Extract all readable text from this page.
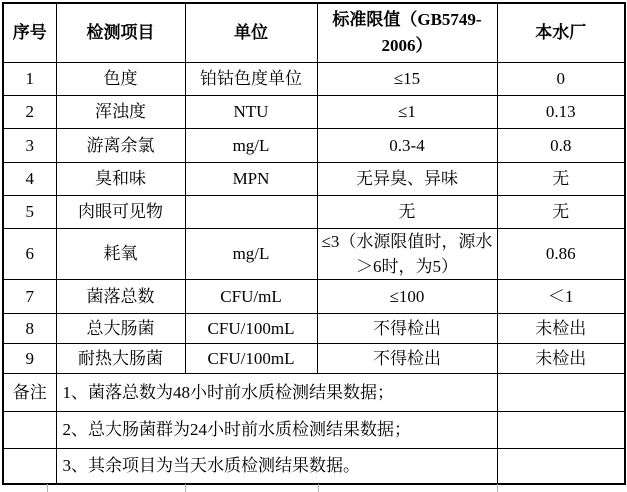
序号	检测项目	单位	标准限值（GB5749-2006）	本水厂
1	色度	铂钴色度单位	≤15	0
2	浑浊度	NTU	≤1	0.13
3	游离余氯	mg/L	0.3-4	0.8
4	臭和味	MPN	无异臭、异味	无
5	肉眼可见物		无	无
6	耗氧	mg/L	≤3（水源限值时，源水＞6时，为5）	0.86
7	菌落总数	CFU/mL	≤100	＜1
8	总大肠菌	CFU/100mL	不得检出	未检出
9	耐热大肠菌	CFU/100mL	不得检出	未检出
备注	1、菌落总数为48小时前水质检测结果数据；			
	2、总大肠菌群为24小时前水质检测结果数据；			
	3、其余项目为当天水质检测结果数据。			
